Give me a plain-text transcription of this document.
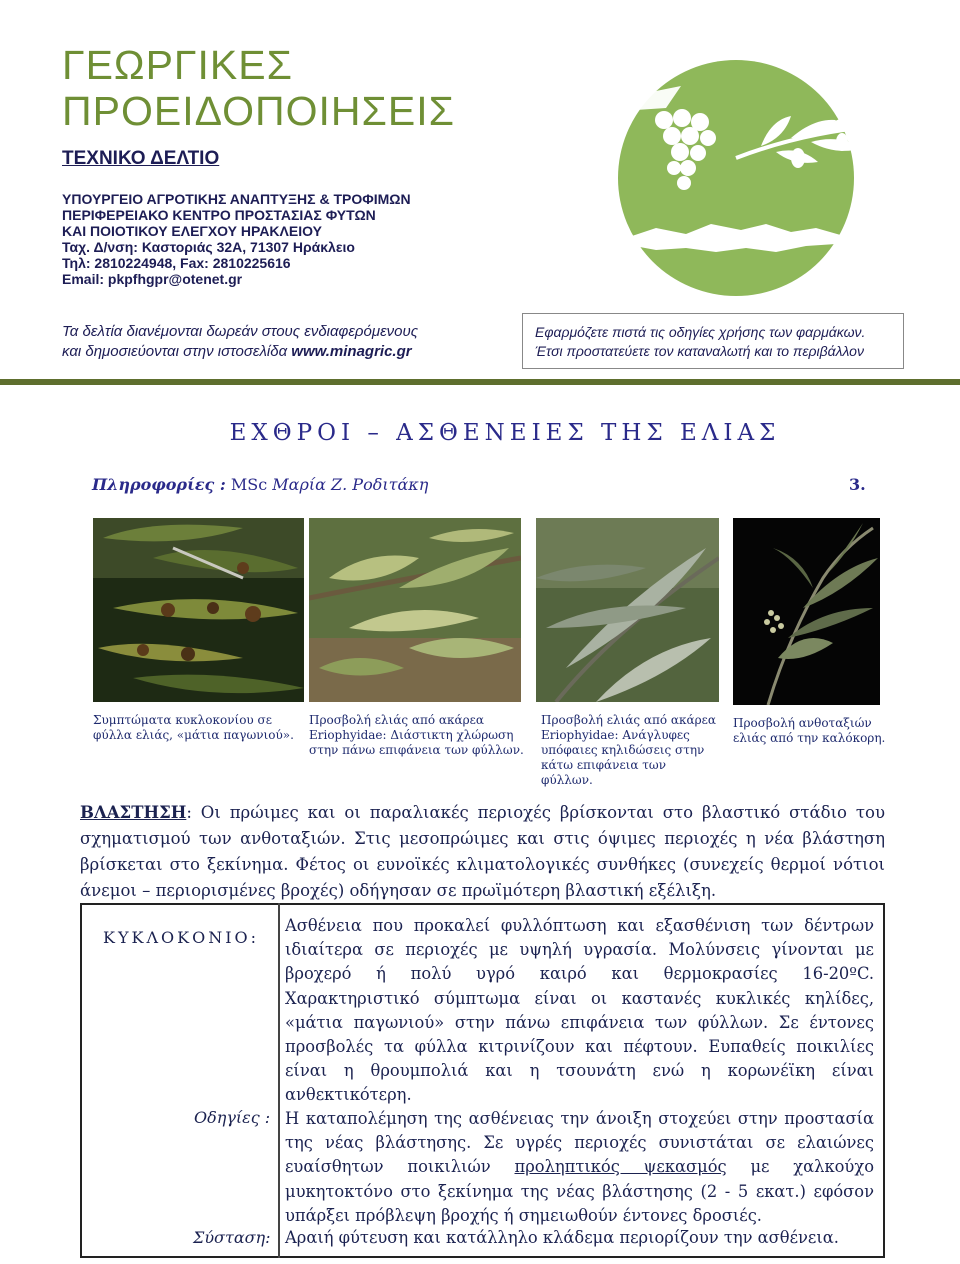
ΓΕΩΡΓΙΚΕΣ
ΠΡΟΕΙΔΟΠΟΙΗΣΕΙΣ
ΤΕΧΝΙΚΟ ΔΕΛΤΙΟ
ΥΠΟΥΡΓΕΙΟ ΑΓΡΟΤΙΚΗΣ ΑΝΑΠΤΥΞΗΣ & ΤΡΟΦΙΜΩΝ
ΠΕΡΙΦΕΡΕΙΑΚΟ ΚΕΝΤΡΟ ΠΡΟΣΤΑΣΙΑΣ ΦΥΤΩΝ
ΚΑΙ ΠΟΙΟΤΙΚΟΥ ΕΛΕΓΧΟΥ ΗΡΑΚΛΕΙΟΥ
Ταχ. Δ/νση: Καστοριάς 32Α, 71307 Ηράκλειο
Τηλ: 2810224948, Fax: 2810225616
Email: pkpfhgpr@otenet.gr
Τα δελτία διανέμονται δωρεάν στους ενδιαφερόμενους
και δημοσιεύονται στην ιστοσελίδα www.minagric.gr
Εφαρμόζετε πιστά τις οδηγίες χρήσης των φαρμάκων.
Έτσι προστατεύετε τον καταναλωτή και το περιβάλλον
ΕΧΘΡΟΙ – ΑΣΘΕΝΕΙΕΣ ΤΗΣ ΕΛΙΑΣ
Πληροφορίες : MSc Μαρία Ζ. Ροδιτάκη	3.
Συμπτώματα κυκλοκονίου σε φύλλα ελιάς, «μάτια παγωνιού».
Προσβολή ελιάς από ακάρεα Eriophyidae: Διάστικτη χλώρωση στην πάνω επιφάνεια των φύλλων.
Προσβολή ελιάς από ακάρεα Eriophyidae: Ανάγλυφες υπόφαιες κηλιδώσεις στην κάτω επιφάνεια των φύλλων.
Προσβολή ανθοταξιών ελιάς από την καλόκορη.
ΒΛΑΣΤΗΣΗ: Οι πρώιμες και οι παραλιακές περιοχές βρίσκονται στο βλαστικό στάδιο του σχηματισμού των ανθοταξιών. Στις μεσοπρώιμες και στις όψιμες περιοχές η νέα βλάστηση βρίσκεται στο ξεκίνημα. Φέτος οι ευνοϊκές κλιματολογικές συνθήκες (συνεχείς θερμοί νότιοι άνεμοι – περιορισμένες βροχές) οδήγησαν σε πρωϊμότερη βλαστική εξέλιξη.
ΚΥΚΛΟΚΟΝΙΟ:
Οδηγίες :
Σύσταση:
Ασθένεια που προκαλεί φυλλόπτωση και εξασθένιση των δέντρων ιδιαίτερα σε περιοχές με υψηλή υγρασία. Μολύνσεις γίνονται με βροχερό ή πολύ υγρό καιρό και θερμοκρασίες 16-20ºC. Χαρακτηριστικό σύμπτωμα είναι οι καστανές κυκλικές κηλίδες, «μάτια παγωνιού» στην πάνω επιφάνεια των φύλλων. Σε έντονες προσβολές τα φύλλα κιτρινίζουν και πέφτουν. Ευπαθείς ποικιλίες είναι η θρουμπολιά και η τσουνάτη ενώ η κορωνέϊκη είναι ανθεκτικότερη.
Η καταπολέμηση της ασθένειας την άνοιξη στοχεύει στην προστασία της νέας βλάστησης. Σε υγρές περιοχές συνιστάται σε ελαιώνες ευαίσθητων ποικιλιών προληπτικός ψεκασμός με χαλκούχο μυκητοκτόνο στο ξεκίνημα της νέας βλάστησης (2 - 5 εκατ.) εφόσον υπάρξει πρόβλεψη βροχής ή σημειωθούν έντονες δροσιές.
Αραιή φύτευση και κατάλληλο κλάδεμα περιορίζουν την ασθένεια.
